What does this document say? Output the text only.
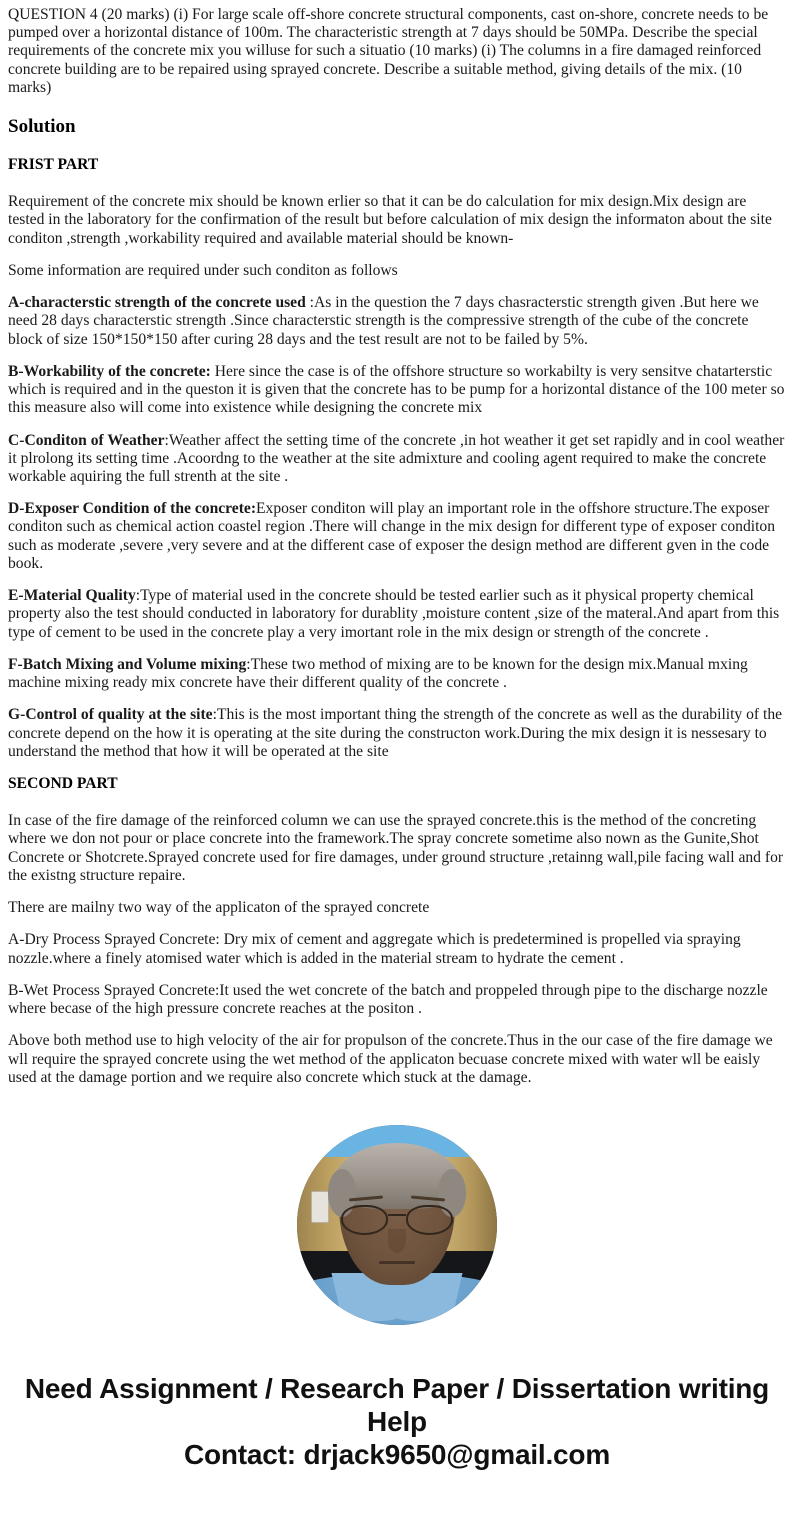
QUESTION 4 (20 marks) (i) For large scale off-shore concrete structural components, cast on-shore, concrete needs to be pumped over a horizontal distance of 100m. The characteristic strength at 7 days should be 50MPa. Describe the special requirements of the concrete mix you willuse for such a situatio (10 marks) (i) The columns in a fire damaged reinforced concrete building are to be repaired using sprayed concrete. Describe a suitable method, giving details of the mix. (10 marks)
Solution
FRIST PART

Requirement of the concrete mix should be known erlier so that it can be do calculation for mix design.Mix design are tested in the laboratory for the confirmation of the result but before calculation of mix design the informaton about the site conditon ,strength ,workability required and available material should be known-

Some information are required under such conditon as follows

A-characterstic strength of the concrete used :As in the question the 7 days chasracterstic strength given .But here we need 28 days characterstic strength .Since characterstic strength is the compressive strength of the cube of the concrete block of size 150*150*150 after curing 28 days and the test result are not to be failed by 5%.

B-Workability of the concrete: Here since the case is of the offshore structure so workabilty is very sensitve chatarterstic which is required and in the queston it is given that the concrete has to be pump for a horizontal distance of the 100 meter so this measure also will come into existence while designing the concrete mix

C-Conditon of Weather:Weather affect the setting time of the concrete ,in hot weather it get set rapidly and in cool weather it plrolong its setting time .Acoordng to the weather at the site admixture and cooling agent required to make the concrete workable aquiring the full strenth at the site .

D-Exposer Condition of the concrete:Exposer conditon will play an important role in the offshore structure.The exposer conditon such as chemical action coastel region .There will change in the mix design for different type of exposer conditon such as moderate ,severe ,very severe and at the different case of exposer the design method are different gven in the code book.

E-Material Quality:Type of material used in the concrete should be tested earlier such as it physical property chemical property also the test should conducted in laboratory for durablity ,moisture content ,size of the materal.And apart from this type of cement to be used in the concrete play a very imortant role in the mix design or strength of the concrete .

F-Batch Mixing and Volume mixing:These two method of mixing are to be known for the design mix.Manual mxing machine mixing ready mix concrete have their different quality of the concrete .

G-Control of quality at the site:This is the most important thing the strength of the concrete as well as the durability of the concrete depend on the how it is operating at the site during the constructon work.During the mix design it is nessesary to understand the method that how it will be operated at the site

SECOND PART

In case of the fire damage of the reinforced column we can use the sprayed concrete.this is the method of the concreting where we don not pour or place concrete into the framework.The spray concrete sometime also nown as the Gunite,Shot Concrete or Shotcrete.Sprayed concrete used for fire damages, under ground structure ,retainng wall,pile facing wall and for the existng structure repaire.

There are mailny two way of the applicaton of the sprayed concrete

A-Dry Process Sprayed Concrete: Dry mix of cement and aggregate which is predetermined is propelled via spraying nozzle.where a finely atomised water which is added in the material stream to hydrate the cement .

B-Wet Process Sprayed Concrete:It used the wet concrete of the batch and proppeled through pipe to the discharge nozzle where becase of the high pressure concrete reaches at the positon .

Above both method use to high velocity of the air for propulson of the concrete.Thus in the our case of the fire damage we wll require the sprayed concrete using the wet method of the applicaton becuase concrete mixed with water wll be eaisly used at the damage portion and we require also concrete which stuck at the damage.

Need Assignment / Research Paper / Dissertation writing Help
Contact: drjack9650@gmail.com
